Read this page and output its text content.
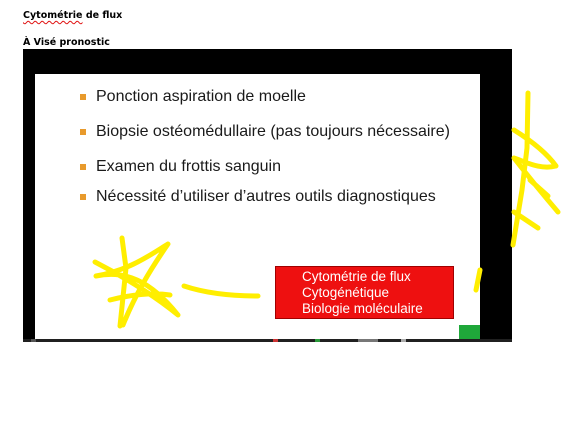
Cytométrie de flux
À Visé pronostic
Ponction aspiration de moelle
Biopsie ostéomédullaire (pas toujours nécessaire)
Examen du frottis sanguin
Nécessité d’utiliser d’autres outils diagnostiques
Cytométrie de flux
Cytogénétique
Biologie moléculaire
